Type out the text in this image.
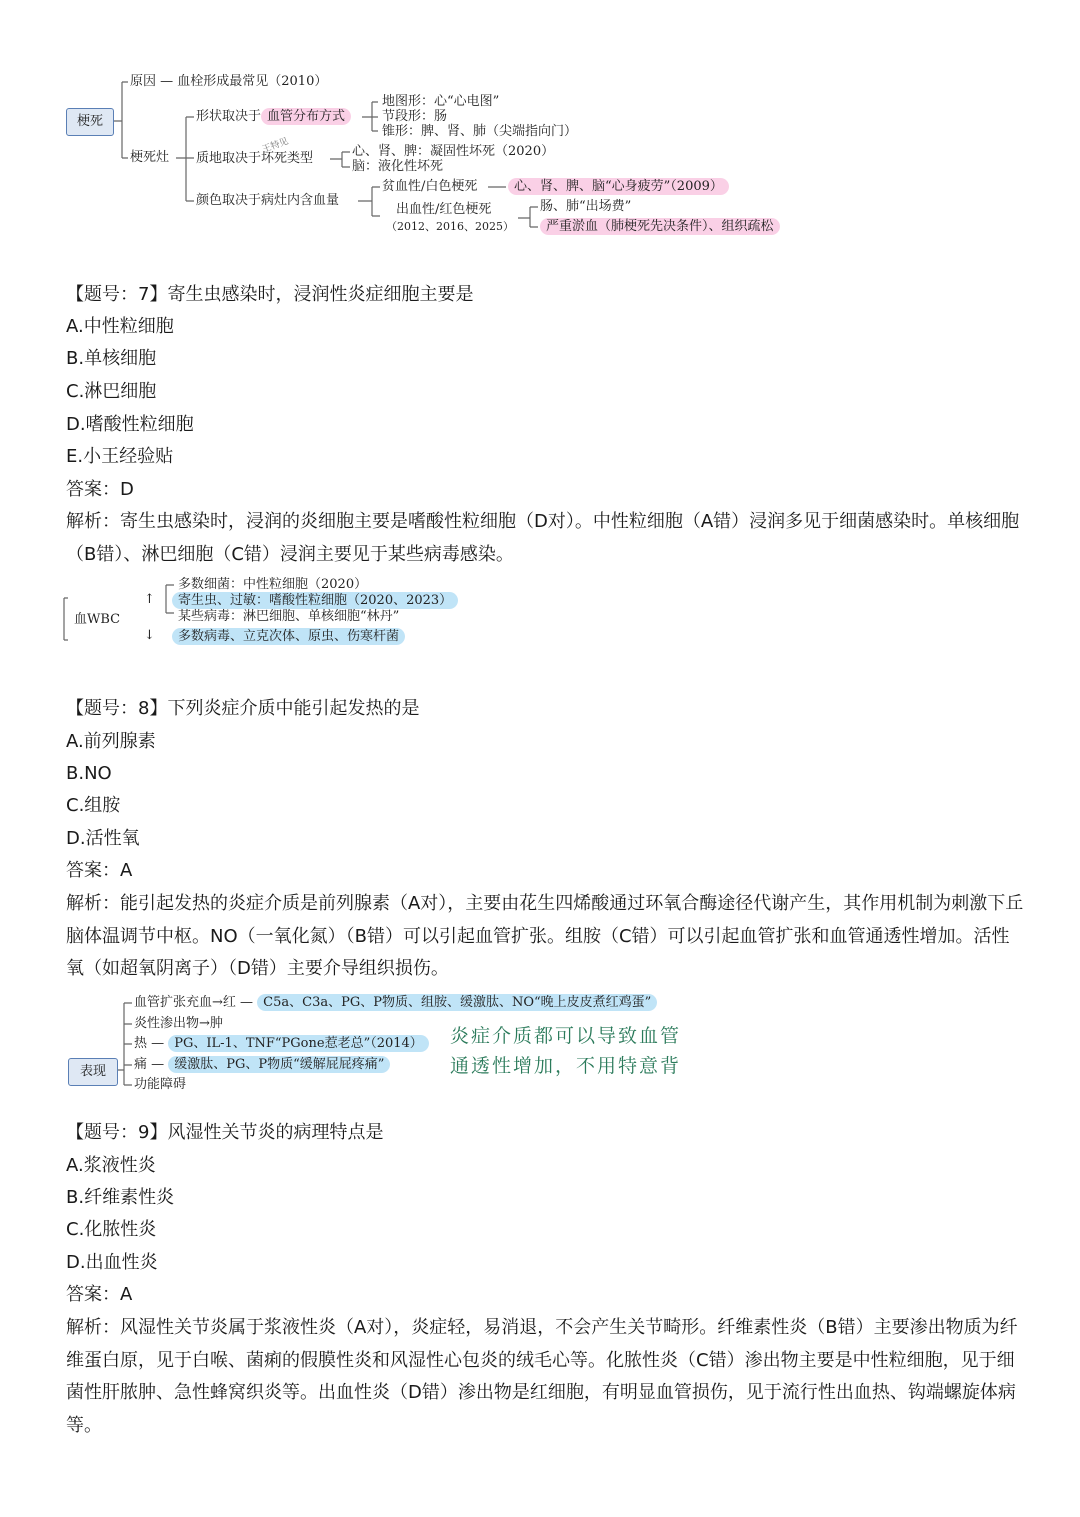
梗死
原因 — 血栓形成最常见（2010）
梗死灶
形状取决于 血管分布方式
地图形：心“心电图”
节段形：肠
锥形：脾、肾、肺（尖端指向门）
质地取决于坏死类型
王特见	心、肾、脾：凝固性坏死（2020）
脑：液化性坏死
颜色取决于病灶内含血量
贫血性/白色梗死	心、肾、脾、脑“心身疲劳”（2009）
出血性/红色梗死
（2012、2016、2025）
肠、肺“出场费”
严重淤血（肺梗死先决条件）、组织疏松
【题号：7】寄生虫感染时，浸润性炎症细胞主要是
A.中性粒细胞
B.单核细胞
C.淋巴细胞
D.嗜酸性粒细胞
E.小王经验贴
答案：D
解析：寄生虫感染时，浸润的炎细胞主要是嗜酸性粒细胞（D对）。中性粒细胞（A错）浸润多见于细菌感染时。单核细胞（B错）、淋巴细胞（C错）浸润主要见于某些病毒感染。
血WBC
↑
↓
多数细菌：中性粒细胞（2020）
寄生虫、过敏：嗜酸性粒细胞（2020、2023）
某些病毒：淋巴细胞、单核细胞“林丹”
多数病毒、立克次体、原虫、伤寒杆菌
【题号：8】下列炎症介质中能引起发热的是
A.前列腺素
B.NO
C.组胺
D.活性氧
答案：A
解析：能引起发热的炎症介质是前列腺素（A对），主要由花生四烯酸通过环氧合酶途径代谢产生，其作用机制为刺激下丘脑体温调节中枢。NO（一氧化氮）（B错）可以引起血管扩张。组胺（C错）可以引起血管扩张和血管通透性增加。活性氧（如超氧阴离子）（D错）主要介导组织损伤。
表现
血管扩张充血→红 — C5a、C3a、PG、P物质、组胺、缓激肽、NO“晚上皮皮煮红鸡蛋”
炎性渗出物→肿
热 — PG、IL-1、TNF“PGone惹老总”（2014）
痛 — 缓激肽、PG、P物质“缓解屁屁疼痛”
功能障碍
炎症介质都可以导致血管
通透性增加，不用特意背
【题号：9】风湿性关节炎的病理特点是
A.浆液性炎
B.纤维素性炎
C.化脓性炎
D.出血性炎
答案：A
解析：风湿性关节炎属于浆液性炎（A对），炎症轻，易消退，不会产生关节畸形。纤维素性炎（B错）主要渗出物质为纤维蛋白原，见于白喉、菌痢的假膜性炎和风湿性心包炎的绒毛心等。化脓性炎（C错）渗出物主要是中性粒细胞，见于细菌性肝脓肿、急性蜂窝织炎等。出血性炎（D错）渗出物是红细胞，有明显血管损伤，见于流行性出血热、钩端螺旋体病等。
